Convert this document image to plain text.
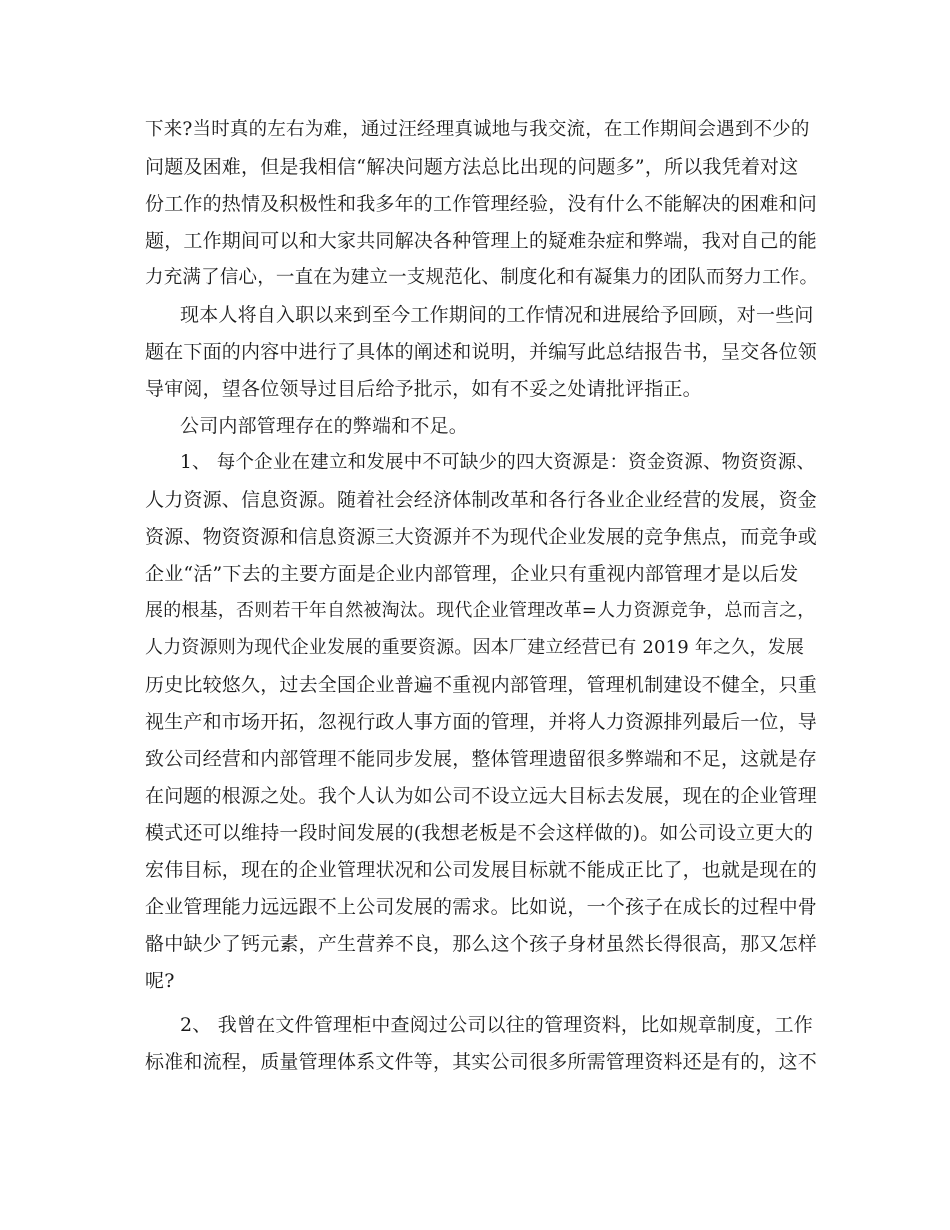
下来?当时真的左右为难，通过汪经理真诚地与我交流，在工作期间会遇到不少的

问题及困难，但是我相信“解决问题方法总比出现的问题多”，所以我凭着对这

份工作的热情及积极性和我多年的工作管理经验，没有什么不能解决的困难和问

题，工作期间可以和大家共同解决各种管理上的疑难杂症和弊端，我对自己的能

力充满了信心，一直在为建立一支规范化、制度化和有凝集力的团队而努力工作。

现本人将自入职以来到至今工作期间的工作情况和进展给予回顾，对一些问

题在下面的内容中进行了具体的阐述和说明，并编写此总结报告书，呈交各位领

导审阅，望各位领导过目后给予批示，如有不妥之处请批评指正。

公司内部管理存在的弊端和不足。

1、 每个企业在建立和发展中不可缺少的四大资源是：资金资源、物资资源、

人力资源、信息资源。随着社会经济体制改革和各行各业企业经营的发展，资金

资源、物资资源和信息资源三大资源并不为现代企业发展的竞争焦点，而竞争或

企业“活”下去的主要方面是企业内部管理，企业只有重视内部管理才是以后发

展的根基，否则若干年自然被淘汰。现代企业管理改革=人力资源竞争，总而言之，

人力资源则为现代企业发展的重要资源。因本厂建立经营已有 2019 年之久，发展

历史比较悠久，过去全国企业普遍不重视内部管理，管理机制建设不健全，只重

视生产和市场开拓，忽视行政人事方面的管理，并将人力资源排列最后一位，导

致公司经营和内部管理不能同步发展，整体管理遗留很多弊端和不足，这就是存

在问题的根源之处。我个人认为如公司不设立远大目标去发展，现在的企业管理

模式还可以维持一段时间发展的(我想老板是不会这样做的)。如公司设立更大的

宏伟目标，现在的企业管理状况和公司发展目标就不能成正比了，也就是现在的

企业管理能力远远跟不上公司发展的需求。比如说，一个孩子在成长的过程中骨

骼中缺少了钙元素，产生营养不良，那么这个孩子身材虽然长得很高，那又怎样

呢?

2、 我曾在文件管理柜中查阅过公司以往的管理资料，比如规章制度，工作

标准和流程，质量管理体系文件等，其实公司很多所需管理资料还是有的，这不
